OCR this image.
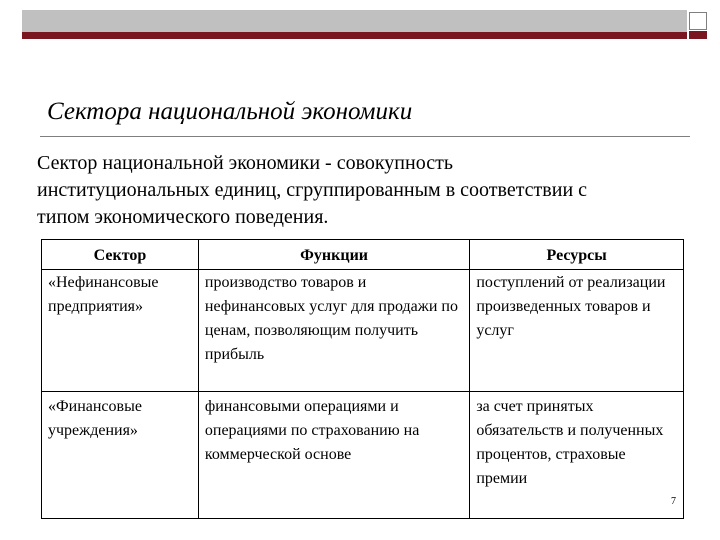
Сектора национальной экономики

Сектор национальной экономики - совокупность институциональных единиц, сгруппированным в соответствии с типом экономического поведения.

Сектор	Функции	Ресурсы
«Нефинансовые предприятия»	производство товаров и нефинансовых услуг для продажи по ценам, позволяющим получить прибыль	поступлений от реализации произведенных товаров и услуг
«Финансовые учреждения»	финансовыми операциями и операциями по страхованию на коммерческой основе	за счет принятых обязательств и полученных процентов, страховые премии
7
